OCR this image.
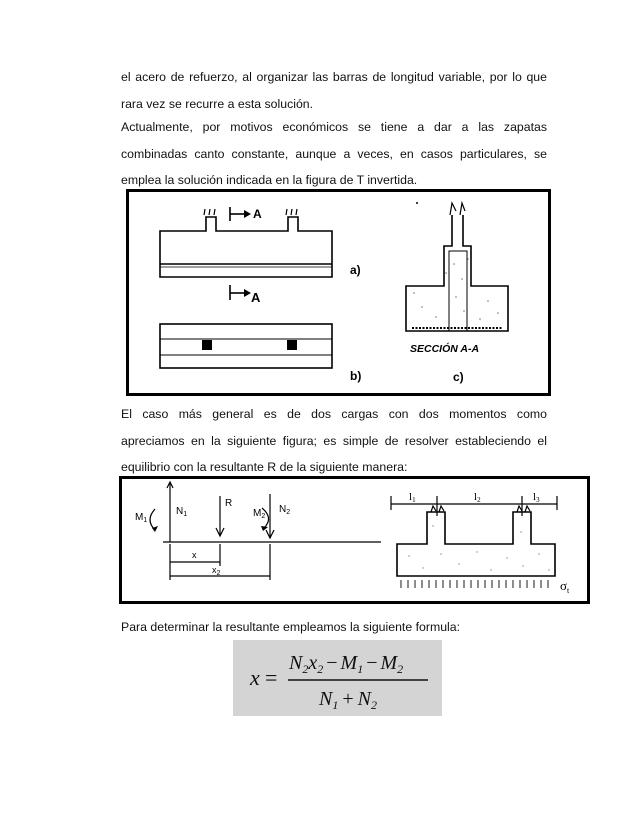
el acero de refuerzo, al organizar las barras de longitud variable, por lo que
rara vez se recurre a esta solución.
Actualmente, por motivos económicos se tiene a dar a las zapatas
combinadas canto constante, aunque a veces, en casos particulares, se
emplea la solución indicada en la figura de T invertida.
A
A
a)
b)
SECCIÓN A-A
c)
El caso más general es de dos cargas con dos momentos como
apreciamos en la siguiente figura; es simple de resolver estableciendo el
equilibrio con la resultante R de la siguiente manera:
$M_1$
$N_1$
R
$M_2$
$N_2$
x
$x_2$
l1	l2	l3
$\sigma_t$
Para determinar la resultante empleamos la siguiente formula:
x =
$N_2x_2 - M_1 - M_2$
$N_1 + N_2$
